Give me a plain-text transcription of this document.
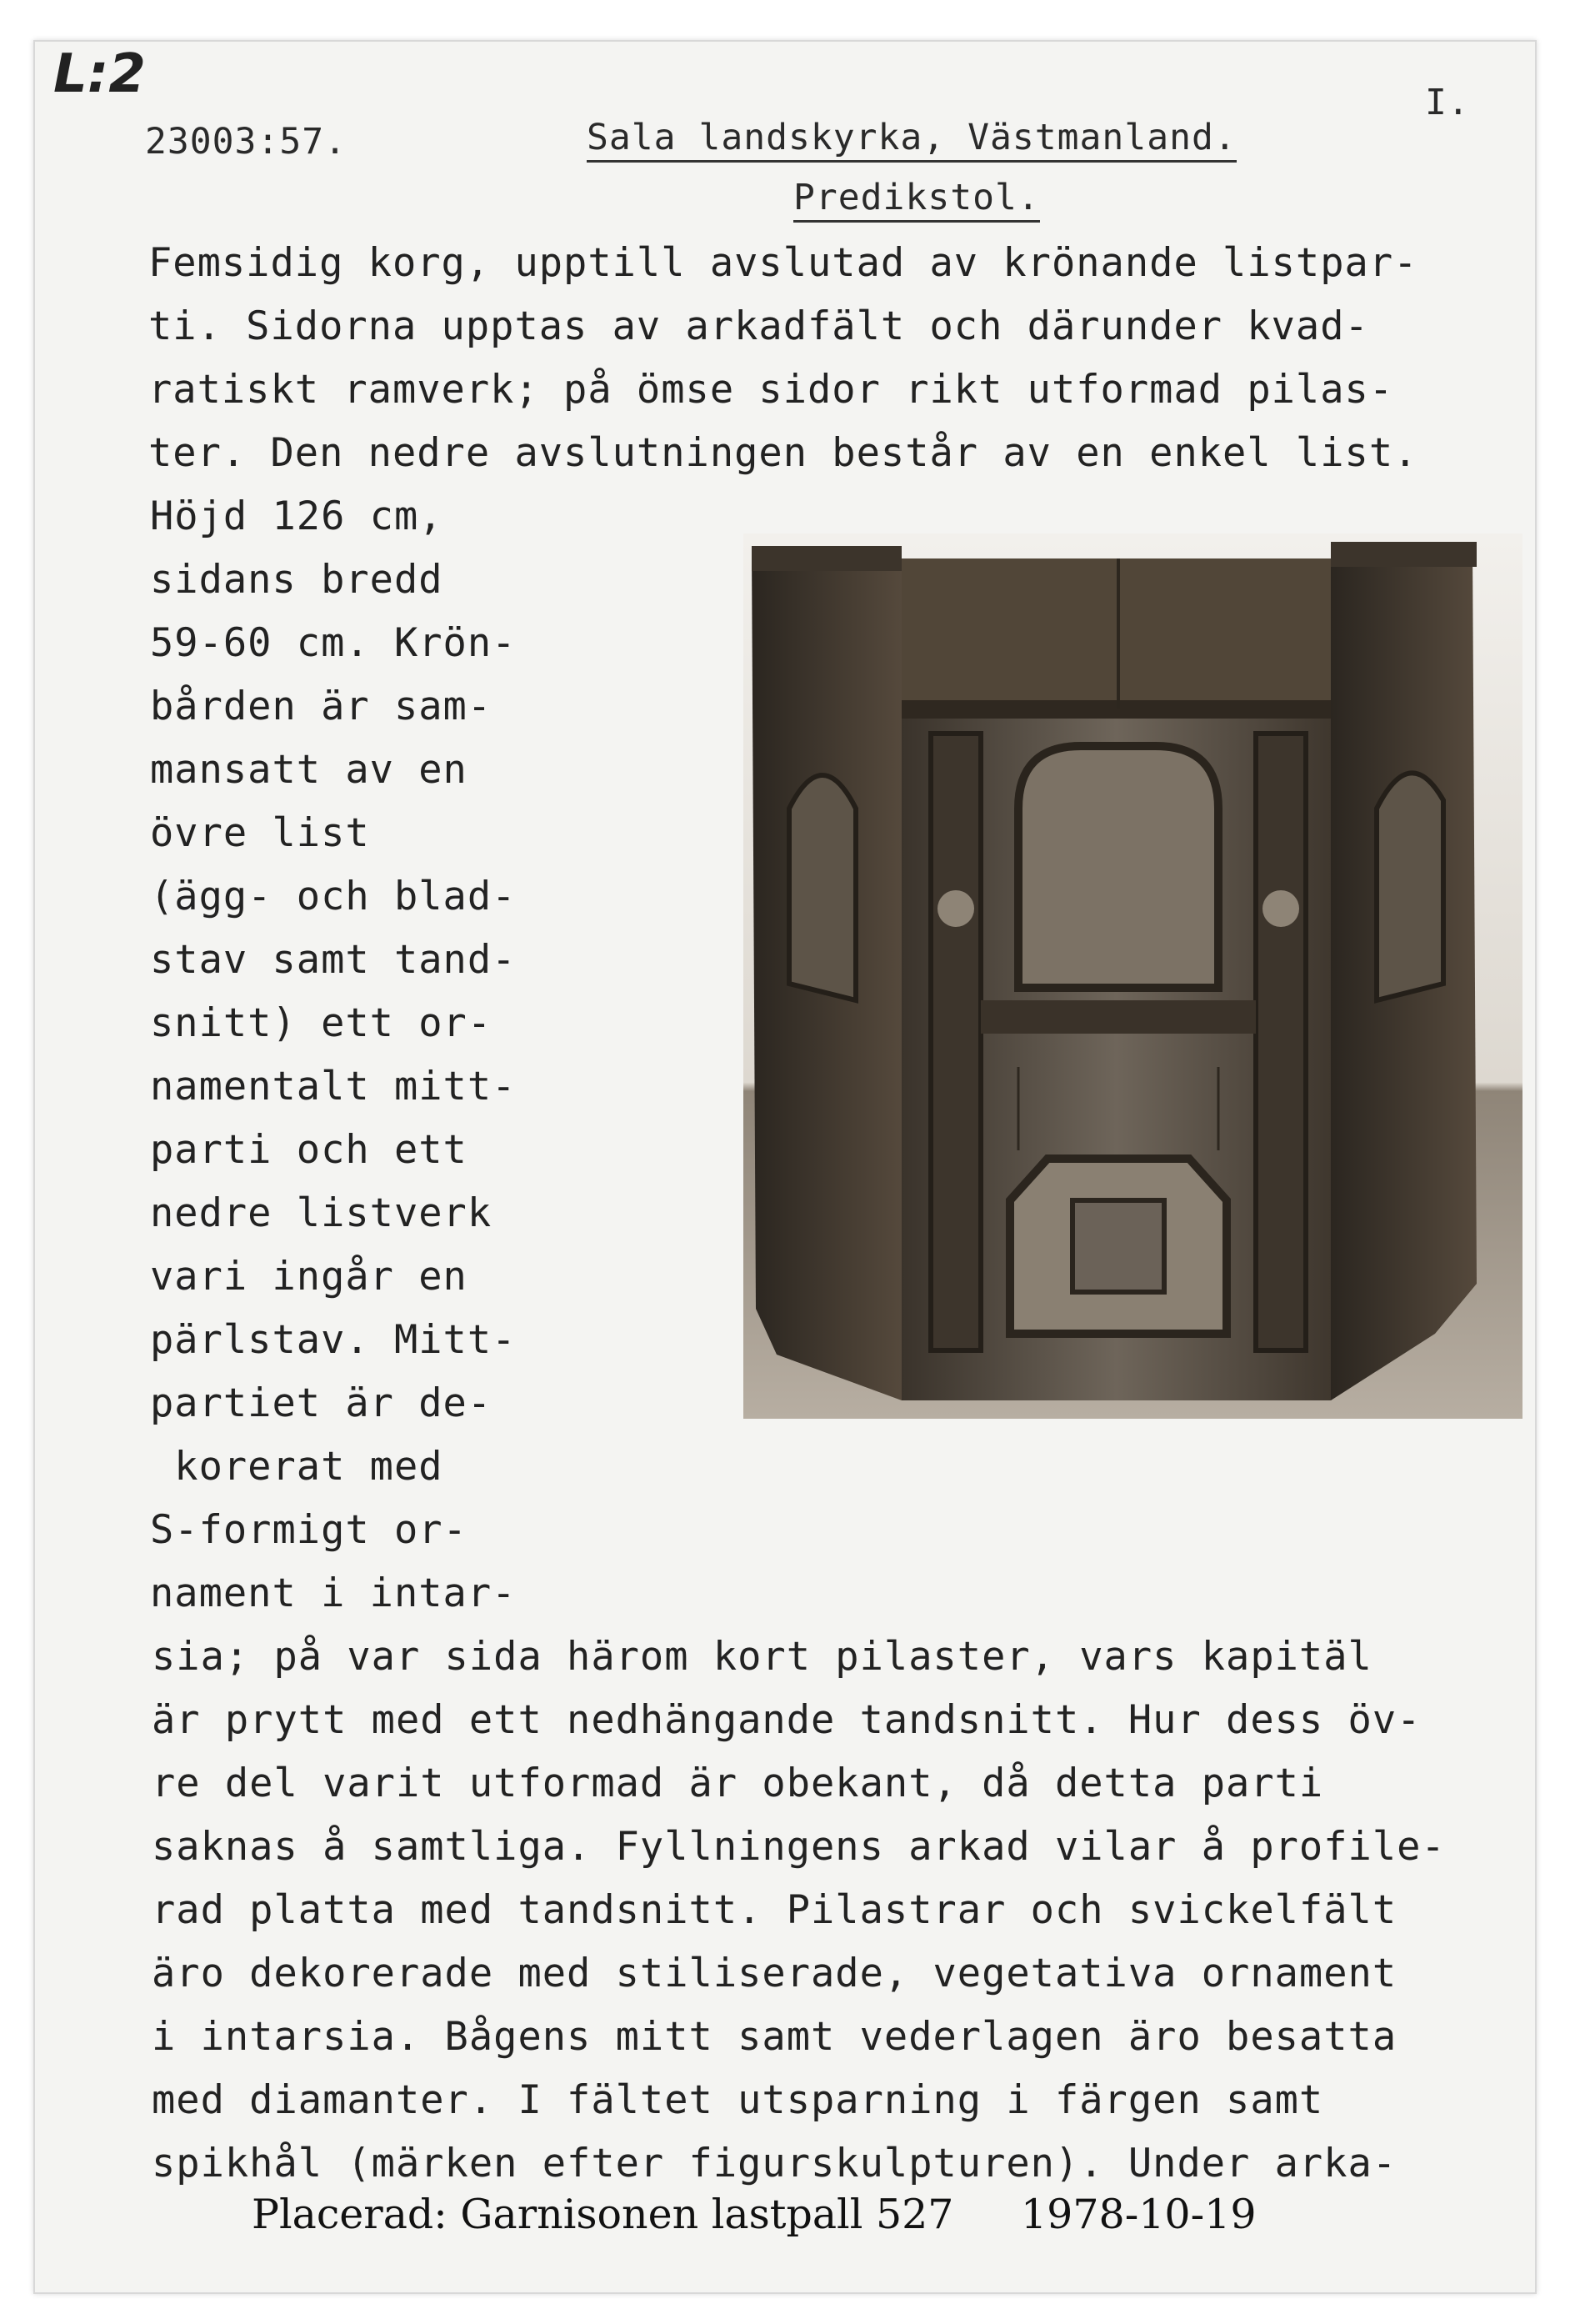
L:2
23003:57.	Sala landskyrka, Västmanland.
Predikstol.
I.
Femsidig korg, upptill avslutad av krönande listpar-
ti. Sidorna upptas av arkadfält och därunder kvad-
ratiskt ramverk; på ömse sidor rikt utformad pilas-
ter. Den nedre avslutningen består av en enkel list.
Höjd 126 cm,
sidans bredd
59-60 cm. Krön-
bården är sam-
mansatt av en
övre list
(ägg- och blad-
stav samt tand-
snitt) ett or-
namentalt mitt-
parti och ett
nedre listverk
vari ingår en
pärlstav. Mitt-
partiet är de-
korerat med
S-formigt or-
nament i intar-
sia; på var sida härom kort pilaster, vars kapitäl
är prytt med ett nedhängande tandsnitt. Hur dess öv-
re del varit utformad är obekant, då detta parti
saknas å samtliga. Fyllningens arkad vilar å profile-
rad platta med tandsnitt. Pilastrar och svickelfält
äro dekorerade med stiliserade, vegetativa ornament
i intarsia. Bågens mitt samt vederlagen äro besatta
med diamanter. I fältet utsparning i färgen samt
spikhål (märken efter figurskulpturen). Under arka-
Placerad: Garnisonen lastpall 527 1978-10-19
